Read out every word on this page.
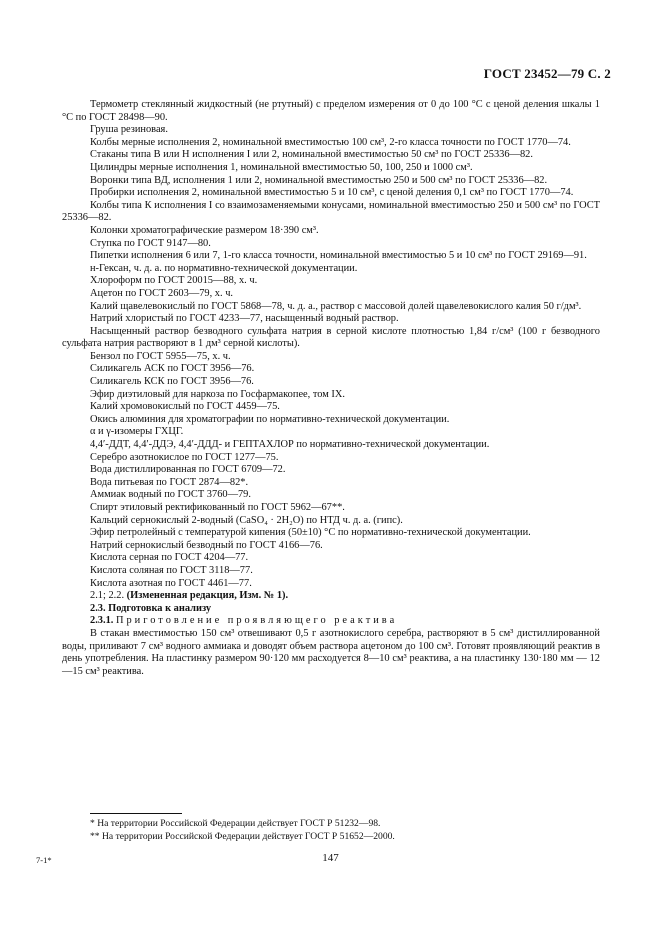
ГОСТ 23452—79 С. 2

Термометр стеклянный жидкостный (не ртутный) с пределом измерения от 0 до 100 °С с ценой деления шкалы 1 °С по ГОСТ 28498—90.

Груша резиновая.

Колбы мерные исполнения 2, номинальной вместимостью 100 см³, 2-го класса точности по ГОСТ 1770—74.

Стаканы типа В или Н исполнения I или 2, номинальной вместимостью 50 см³ по ГОСТ 25336—82.

Цилиндры мерные исполнения 1, номинальной вместимостью 50, 100, 250 и 1000 см³.

Воронки типа ВД, исполнения 1 или 2, номинальной вместимостью 250 и 500 см³ по ГОСТ 25336—82.

Пробирки исполнения 2, номинальной вместимостью 5 и 10 см³, с ценой деления 0,1 см³ по ГОСТ 1770—74.

Колбы типа К исполнения I со взаимозаменяемыми конусами, номинальной вместимостью 250 и 500 см³ по ГОСТ 25336—82.

Колонки хроматографические размером 18·390 см³.

Ступка по ГОСТ 9147—80.

Пипетки исполнения 6 или 7, 1-го класса точности, номинальной вместимостью 5 и 10 см³ по ГОСТ 29169—91.

н-Гексан, ч. д. а. по нормативно-технической документации.

Хлороформ по ГОСТ 20015—88, х. ч.

Ацетон по ГОСТ 2603—79, х. ч.

Калий щавелевокислый по ГОСТ 5868—78, ч. д. а., раствор с массовой долей щавелевокислого калия 50 г/дм³.

Натрий хлористый по ГОСТ 4233—77, насыщенный водный раствор.

Насыщенный раствор безводного сульфата натрия в серной кислоте плотностью 1,84 г/см³ (100 г безводного сульфата натрия растворяют в 1 дм³ серной кислоты).

Бензол по ГОСТ 5955—75, х. ч.

Силикагель АСК по ГОСТ 3956—76.

Силикагель КСК по ГОСТ 3956—76.

Эфир диэтиловый для наркоза по Госфармакопее, том IX.

Калий хромовокислый по ГОСТ 4459—75.

Окись алюминия для хроматографии по нормативно-технической документации.

α и γ-изомеры ГХЦГ.

4,4′-ДДТ, 4,4′-ДДЭ, 4,4′-ДДД- и ГЕПТАХЛОР по нормативно-технической документации.

Серебро азотнокислое по ГОСТ 1277—75.

Вода дистиллированная по ГОСТ 6709—72.

Вода питьевая по ГОСТ 2874—82*.

Аммиак водный по ГОСТ 3760—79.

Спирт этиловый ректификованный по ГОСТ 5962—67**.

Кальций сернокислый 2-водный (CaSO₄ · 2H₂O) по НТД ч. д. а. (гипс).

Эфир петролейный с температурой кипения (50±10) °С по нормативно-технической документации.

Натрий сернокислый безводный по ГОСТ 4166—76.

Кислота серная по ГОСТ 4204—77.

Кислота соляная по ГОСТ 3118—77.

Кислота азотная по ГОСТ 4461—77.

2.1; 2.2. (Измененная редакция, Изм. № 1).

2.3. Подготовка к анализу

2.3.1. Приготовление проявляющего реактива

В стакан вместимостью 150 см³ отвешивают 0,5 г азотнокислого серебра, растворяют в 5 см³ дистиллированной воды, приливают 7 см³ водного аммиака и доводят объем раствора ацетоном до 100 см³. Готовят проявляющий реактив в день употребления. На пластинку размером 90·120 мм расходуется 8—10 см³ реактива, а на пластинку 130·180 мм — 12—15 см³ реактива.

* На территории Российской Федерации действует ГОСТ Р 51232—98.

** На территории Российской Федерации действует ГОСТ Р 51652—2000.

7-1*	147
